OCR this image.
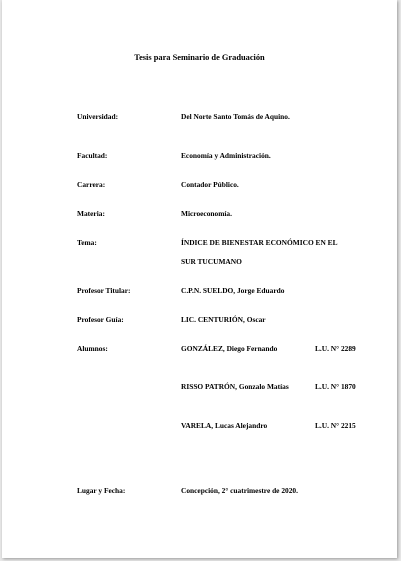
Tesis para Seminario de Graduación
Universidad:	Del Norte Santo Tomás de Aquino.
Facultad:	Economía y Administración.
Carrera:	Contador Público.
Materia:	Microeconomía.
Tema:	ÍNDICE DE BIENESTAR ECONÓMICO EN EL
SUR TUCUMANO
Profesor Titular:	C.P.N. SUELDO, Jorge Eduardo
Profesor Guía:	LIC. CENTURIÓN, Oscar
Alumnos:	GONZÁLEZ, Diego Fernando	L.U. N° 2289
RISSO PATRÓN, Gonzalo Matías	L.U. N° 1870
VARELA, Lucas Alejandro	L.U. N° 2215
Lugar y Fecha:	Concepción, 2° cuatrimestre de 2020.
